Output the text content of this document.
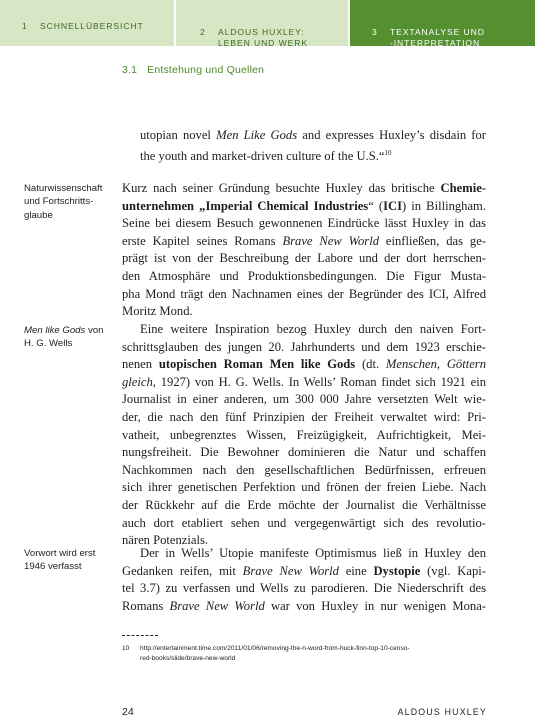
1	SCHNELLÜBERSICHT
2	ALDOUS HUXLEY:
LEBEN UND WERK
3	TEXTANALYSE UND
-INTERPRETATION
3.1 Entstehung und Quellen
utopian novel Men Like Gods and expresses Huxley’s disdain for
the youth and market-driven culture of the U.S.“$^{10}$
Naturwissenschaft
und Fortschritts-
glaube
Men like Gods von
H. G. Wells
Vorwort wird erst
1946 verfasst
Kurz nach seiner Gründung besuchte Huxley das britische Chemie-
unternehmen „Imperial Chemical Industries“ (ICI) in Billingham.
Seine bei diesem Besuch gewonnenen Eindrücke lässt Huxley in das
erste Kapitel seines Romans Brave New World einfließen, das ge-
prägt ist von der Beschreibung der Labore und der dort herrschen-
den Atmosphäre und Produktionsbedingungen. Die Figur Musta-
pha Mond trägt den Nachnamen eines der Begründer des ICI, Alfred
Moritz Mond.
Eine weitere Inspiration bezog Huxley durch den naiven Fort-
schrittsglauben des jungen 20. Jahrhunderts und dem 1923 erschie-
nenen utopischen Roman Men like Gods (dt. Menschen, Göttern
gleich, 1927) von H. G. Wells. In Wells’ Roman findet sich 1921 ein
Journalist in einer anderen, um 300 000 Jahre versetzten Welt wie-
der, die nach den fünf Prinzipien der Freiheit verwaltet wird: Pri-
vatheit, unbegrenztes Wissen, Freizügigkeit, Aufrichtigkeit, Mei-
nungsfreiheit. Die Bewohner dominieren die Natur und schaffen
Nachkommen nach den gesellschaftlichen Bedürfnissen, erfreuen
sich ihrer genetischen Perfektion und frönen der freien Liebe. Nach
der Rückkehr auf die Erde möchte der Journalist die Verhältnisse
auch dort etabliert sehen und vergegenwärtigt sich des revolutio-
nären Potenzials.
Der in Wells’ Utopie manifeste Optimismus ließ in Huxley den
Gedanken reifen, mit Brave New World eine Dystopie (vgl. Kapi-
tel 3.7) zu verfassen und Wells zu parodieren. Die Niederschrift des
Romans Brave New World war von Huxley in nur wenigen Mona-
10	http://entertainment.time.com/2011/01/06/removing-the-n-word-from-huck-finn-top-10-censo-
red-books/slide/brave-new-world
24	ALDOUS HUXLEY
